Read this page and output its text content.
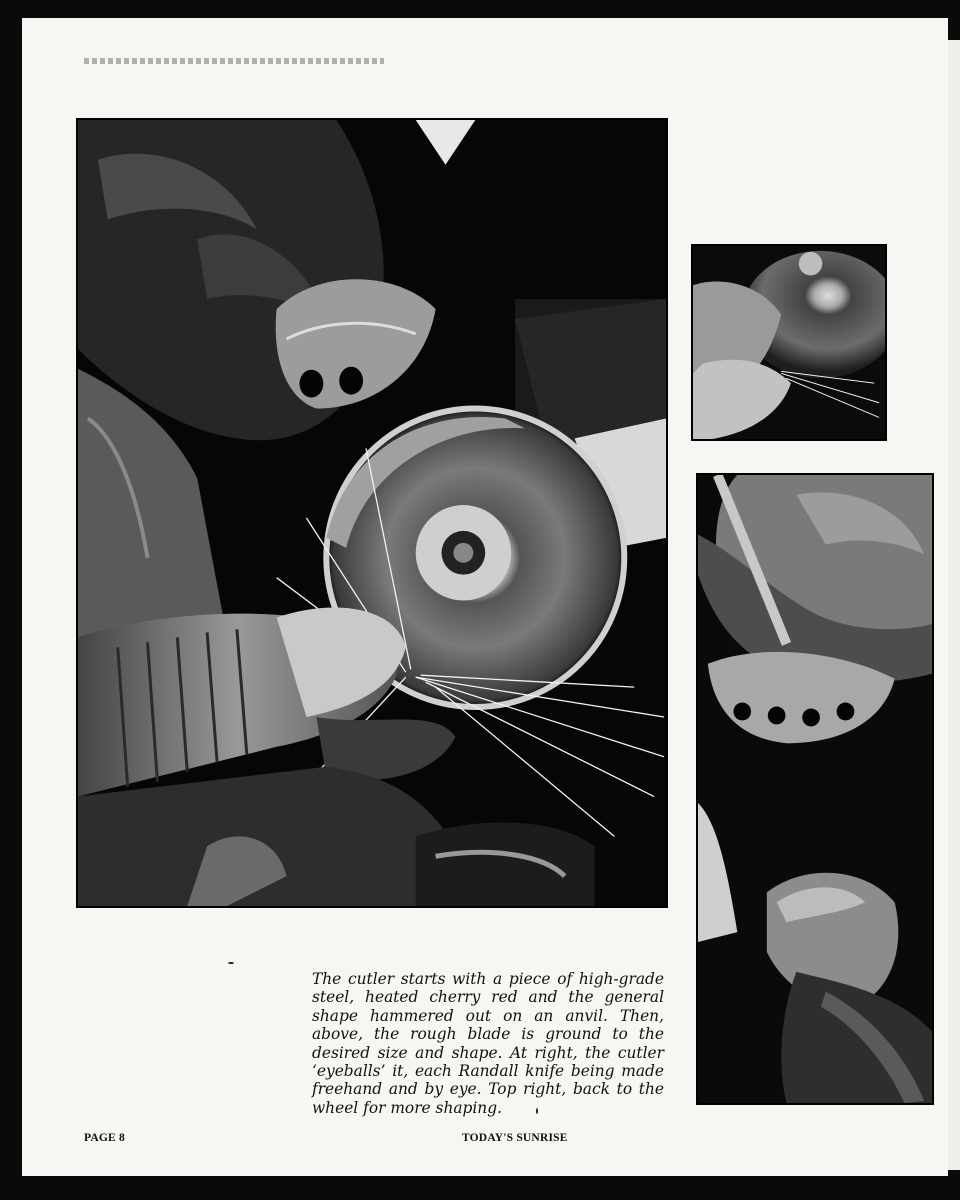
The cutler starts with a piece of high-grade steel, heated cherry red and the general shape hammered out on an anvil. Then, above, the rough blade is ground to the desired size and shape. At right, the cutler ‘eyeballs’ it, each Randall knife being made freehand and by eye. Top right, back to the wheel for more shaping.

PAGE 8	TODAY'S SUNRISE
